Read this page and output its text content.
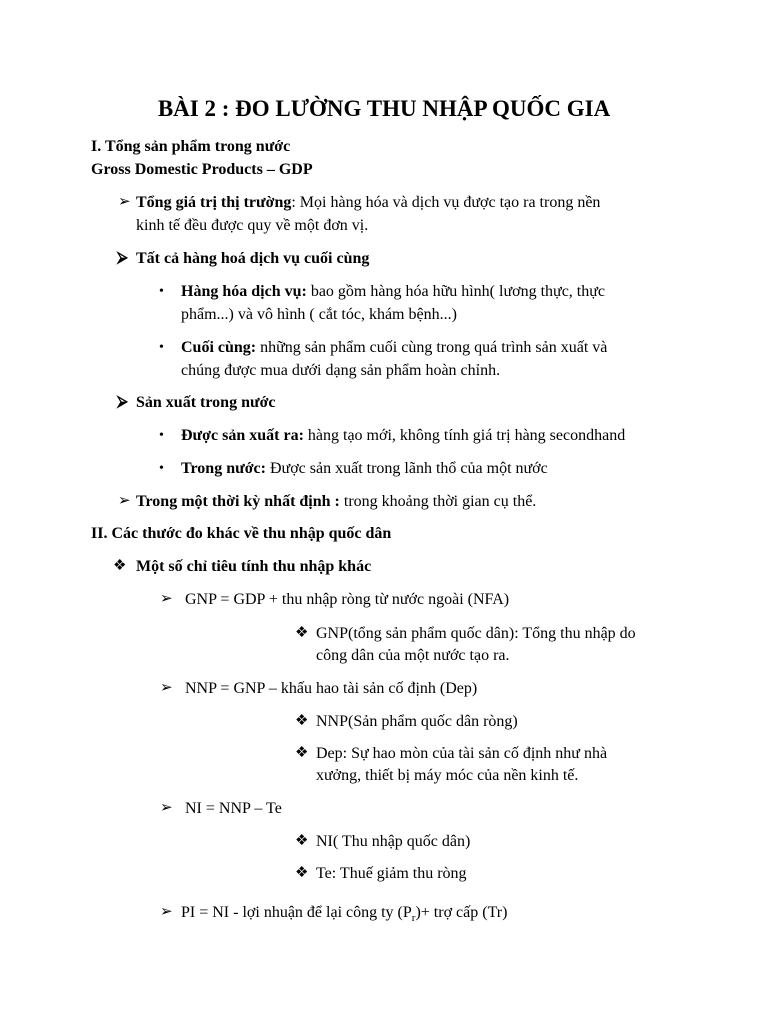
BÀI 2 : ĐO LƯỜNG THU NHẬP QUỐC GIA
I. Tổng sản phẩm trong nước
Gross Domestic Products – GDP
➢ Tổng giá trị thị trường: Mọi hàng hóa và dịch vụ được tạo ra trong nền
kinh tế đều được quy về một đơn vị.
⮚ Tất cả hàng hoá dịch vụ cuối cùng
• Hàng hóa dịch vụ: bao gồm hàng hóa hữu hình( lương thực, thực
phẩm...) và vô hình ( cắt tóc, khám bệnh...)
• Cuối cùng: những sản phẩm cuối cùng trong quá trình sản xuất và
chúng được mua dưới dạng sản phẩm hoàn chỉnh.
⮚ Sản xuất trong nước
• Được sản xuất ra: hàng tạo mới, không tính giá trị hàng secondhand
• Trong nước: Được sản xuất trong lãnh thổ của một nước
➢ Trong một thời kỳ nhất định : trong khoảng thời gian cụ thể.
II. Các thước đo khác về thu nhập quốc dân
❖ Một số chỉ tiêu tính thu nhập khác
➢ GNP = GDP + thu nhập ròng từ nước ngoài (NFA)
❖ GNP(tổng sản phẩm quốc dân): Tổng thu nhập do
công dân của một nước tạo ra.
➢ NNP = GNP – khấu hao tài sản cố định (Dep)
❖ NNP(Sản phẩm quốc dân ròng)
❖ Dep: Sự hao mòn của tài sản cố định như nhà
xưởng, thiết bị máy móc của nền kinh tế.
➢ NI = NNP – Te
❖ NI( Thu nhập quốc dân)
❖ Te: Thuế giảm thu ròng
➢ PI = NI - lợi nhuận để lại công ty $(P_r)+$ trợ cấp (Tr)
